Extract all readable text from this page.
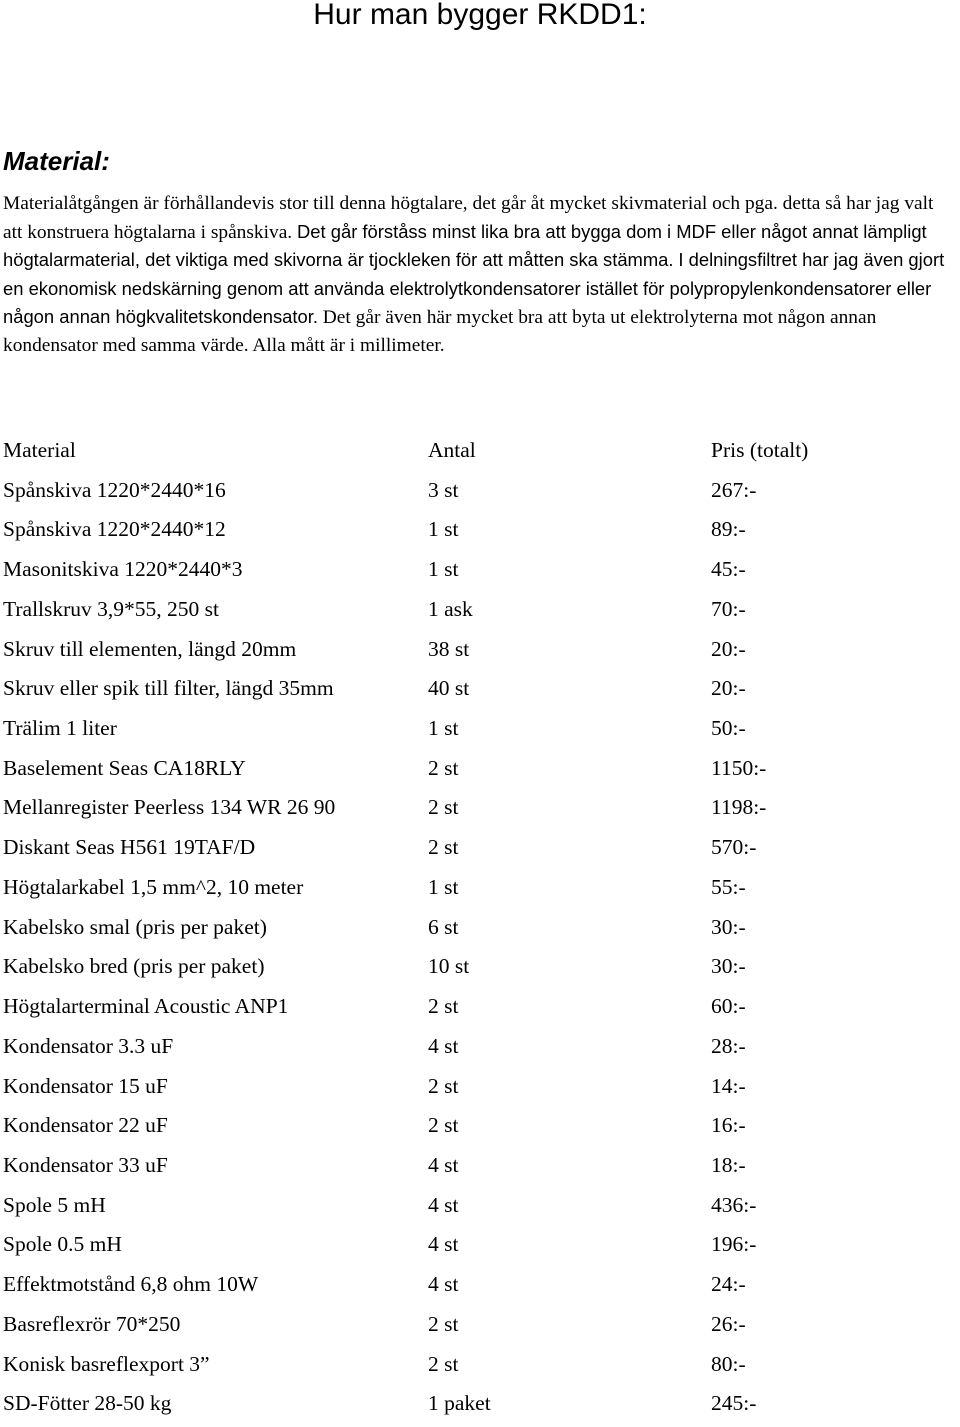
Hur man bygger RKDD1:
Material:

Materialåtgången är förhållandevis stor till denna högtalare, det går åt mycket skivmaterial och pga. detta så har jag valt att konstruera högtalarna i spånskiva. Det går förståss minst lika bra att bygga dom i MDF eller något annat lämpligt högtalarmaterial, det viktiga med skivorna är tjockleken för att måtten ska stämma. I delningsfiltret har jag även gjort en ekonomisk nedskärning genom att använda elektrolytkondensatorer istället för polypropylenkondensatorer eller någon annan högkvalitetskondensator. Det går även här mycket bra att byta ut elektrolyterna mot någon annan kondensator med samma värde. Alla mått är i millimeter.

Material	Antal	Pris (totalt)
Spånskiva 1220*2440*16	3 st	267:-
Spånskiva 1220*2440*12	1 st	89:-
Masonitskiva 1220*2440*3	1 st	45:-
Trallskruv 3,9*55, 250 st	1 ask	70:-
Skruv till elementen, längd 20mm	38 st	20:-
Skruv eller spik till filter, längd 35mm	40 st	20:-
Trälim 1 liter	1 st	50:-
Baselement Seas CA18RLY	2 st	1150:-
Mellanregister Peerless 134 WR 26 90	2 st	1198:-
Diskant Seas H561 19TAF/D	2 st	570:-
Högtalarkabel 1,5 mm^2, 10 meter	1 st	55:-
Kabelsko smal (pris per paket)	6 st	30:-
Kabelsko bred (pris per paket)	10 st	30:-
Högtalarterminal Acoustic ANP1	2 st	60:-
Kondensator 3.3 uF	4 st	28:-
Kondensator 15 uF	2 st	14:-
Kondensator 22 uF	2 st	16:-
Kondensator 33 uF	4 st	18:-
Spole 5 mH	4 st	436:-
Spole 0.5 mH	4 st	196:-
Effektmotstånd 6,8 ohm 10W	4 st	24:-
Basreflexrör 70*250	2 st	26:-
Konisk basreflexport 3”	2 st	80:-
SD-Fötter 28-50 kg	1 paket	245:-
